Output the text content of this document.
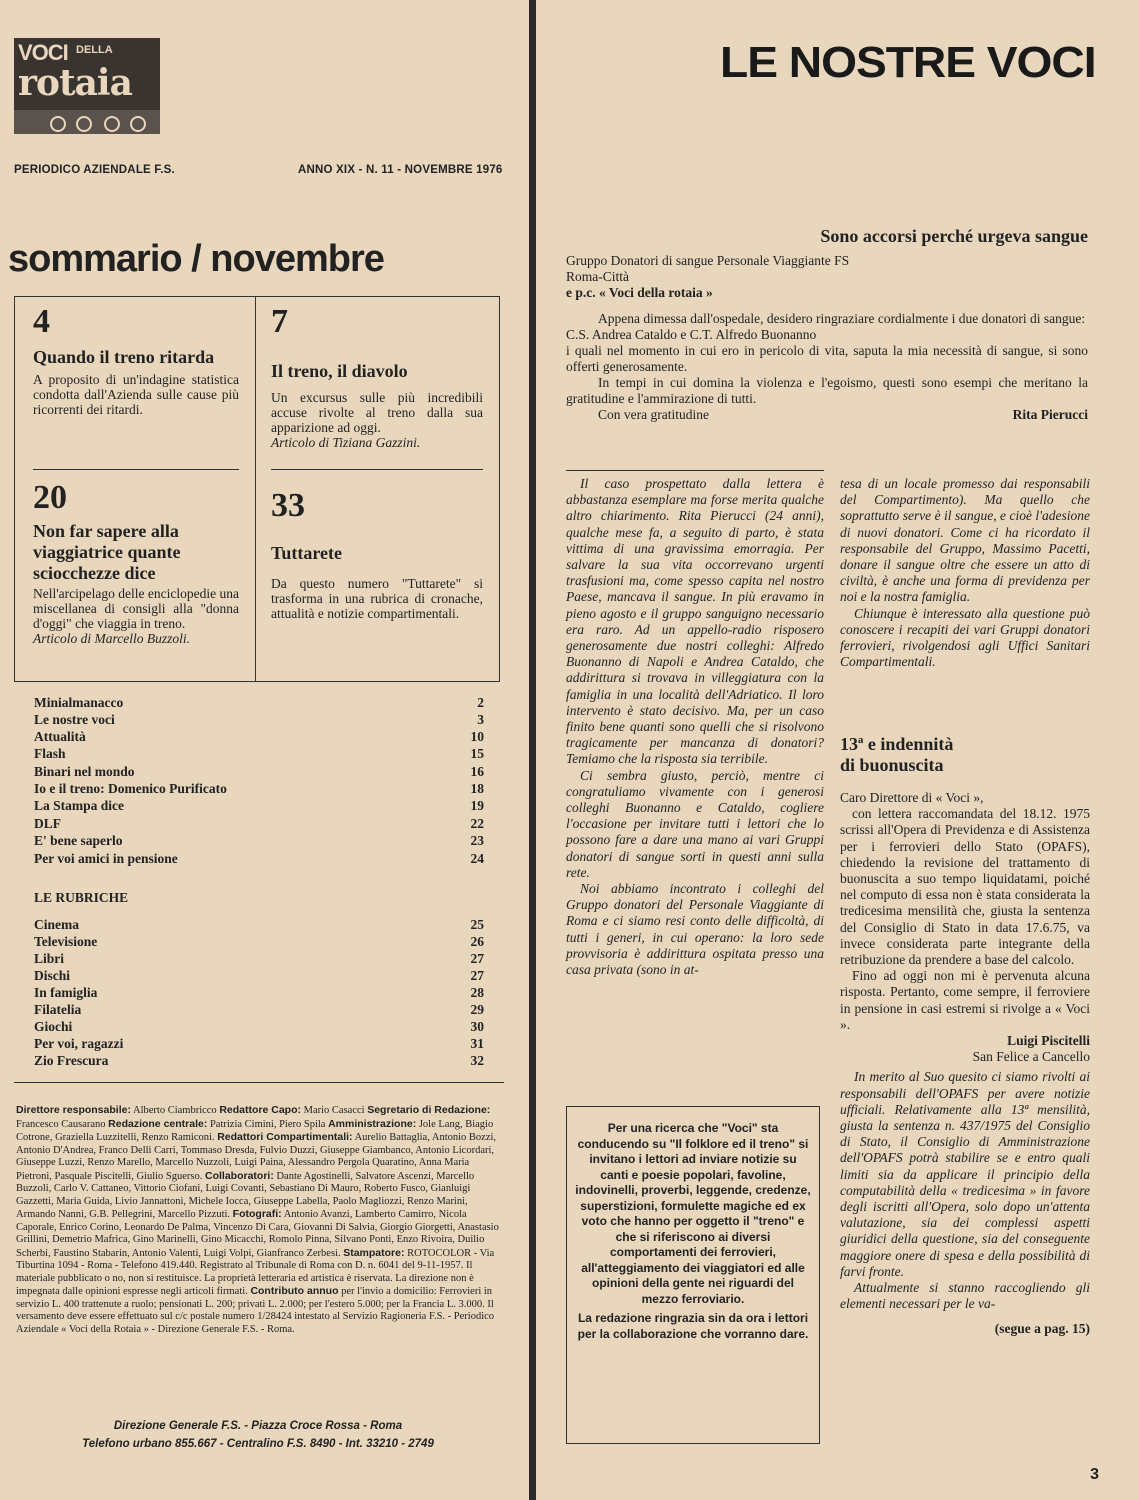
VOCI DELLA
rotaia
PERIODICO AZIENDALE F.S.	ANNO XIX - N. 11 - NOVEMBRE 1976
sommario / novembre
4
Quando il treno ritarda
A proposito di un'indagine statistica condotta dall'Azienda sulle cause più ricorrenti dei ritardi.
7
Il treno, il diavolo
Un excursus sulle più incredibili accuse rivolte al treno dalla sua apparizione ad oggi.
Articolo di Tiziana Gazzini.
20
Non far sapere alla viaggiatrice quante sciocchezze dice
Nell'arcipelago delle enciclopedie una miscellanea di consigli alla "donna d'oggi" che viaggia in treno.
Articolo di Marcello Buzzoli.
33
Tuttarete
Da questo numero "Tuttarete" si trasforma in una rubrica di cronache, attualità e notizie compartimentali.
Minialmanacco	2
Le nostre voci	3
Attualità	10
Flash	15
Binari nel mondo	16
Io e il treno: Domenico Purificato	18
La Stampa dice	19
DLF	22
E' bene saperlo	23
Per voi amici in pensione	24
LE RUBRICHE
Cinema	25
Televisione	26
Libri	27
Dischi	27
In famiglia	28
Filatelia	29
Giochi	30
Per voi, ragazzi	31
Zio Frescura	32
Direttore responsabile: Alberto Ciambricco Redattore Capo: Mario Casacci Segretario di Redazione: Francesco Causarano Redazione centrale: Patrizia Cimini, Piero Spila Amministrazione: Jole Lang, Biagio Cotrone, Graziella Luzzitelli, Renzo Ramiconi. Redattori Compartimentali: Aurelio Battaglia, Antonio Bozzi, Antonio D'Andrea, Franco Delli Carri, Tommaso Dresda, Fulvio Duzzi, Giuseppe Giambanco, Antonio Licordari, Giuseppe Luzzi, Renzo Marello, Marcello Nuzzoli, Luigi Paina, Alessandro Pergola Quaratino, Anna Maria Pietroni, Pasquale Piscitelli, Giulio Sguerso. Collaboratori: Dante Agostinelli, Salvatore Ascenzi, Marcello Buzzoli, Carlo V. Cattaneo, Vittorio Ciofani, Luigi Covanti, Sebastiano Di Mauro, Roberto Fusco, Gianluigi Gazzetti, Maria Guida, Livio Jannattoni, Michele Iocca, Giuseppe Labella, Paolo Magliozzi, Renzo Marini, Armando Nanni, G.B. Pellegrini, Marcello Pizzuti. Fotografi: Antonio Avanzi, Lamberto Camirro, Nicola Caporale, Enrico Corino, Leonardo De Palma, Vincenzo Di Cara, Giovanni Di Salvia, Giorgio Giorgetti, Anastasio Grillini, Demetrio Mafrica, Gino Marinelli, Gino Micacchi, Romolo Pinna, Silvano Ponti, Enzo Rivoira, Duilio Scherbi, Faustino Stabarin, Antonio Valenti, Luigi Volpi, Gianfranco Zerbesi. Stampatore: ROTOCOLOR - Via Tiburtina 1094 - Roma - Telefono 419.440. Registrato al Tribunale di Roma con D. n. 6041 del 9-11-1957. Il materiale pubblicato o no, non si restituisce. La proprietà letteraria ed artistica è riservata. La direzione non è impegnata dalle opinioni espresse negli articoli firmati. Contributo annuo per l'invio a domicilio: Ferrovieri in servizio L. 400 trattenute a ruolo; pensionati L. 200; privati L. 2.000; per l'estero 5.000; per la Francia L. 3.000. Il versamento deve essere effettuato sul c/c postale numero 1/28424 intestato al Servizio Ragioneria F.S. - Periodico Aziendale « Voci della Rotaia » - Direzione Generale F.S. - Roma.
Direzione Generale F.S. - Piazza Croce Rossa - Roma
Telefono urbano 855.667 - Centralino F.S. 8490 - Int. 33210 - 2749
LE NOSTRE VOCI
Sono accorsi perché urgeva sangue

Gruppo Donatori di sangue Personale Viaggiante FS

Roma-Città

e p.c. « Voci della rotaia »

Appena dimessa dall'ospedale, desidero ringraziare cordialmente i due donatori di sangue:

C.S. Andrea Cataldo e C.T. Alfredo Buonanno

i quali nel momento in cui ero in pericolo di vita, saputa la mia necessità di sangue, si sono offerti generosamente.

In tempi in cui domina la violenza e l'egoismo, questi sono esempi che meritano la gratitudine e l'ammirazione di tutti.

Con vera gratitudine	Rita Pierucci
Il caso prospettato dalla lettera è abbastanza esemplare ma forse merita qualche altro chiarimento. Rita Pierucci (24 anni), qualche mese fa, a seguito di parto, è stata vittima di una gravissima emorragia. Per salvare la sua vita occorrevano urgenti trasfusioni ma, come spesso capita nel nostro Paese, mancava il sangue. In più eravamo in pieno agosto e il gruppo sanguigno necessario era raro. Ad un appello-radio risposero generosamente due nostri colleghi: Alfredo Buonanno di Napoli e Andrea Cataldo, che addirittura si trovava in villeggiatura con la famiglia in una località dell'Adriatico. Il loro intervento è stato decisivo. Ma, per un caso finito bene quanti sono quelli che si risolvono tragicamente per mancanza di donatori? Temiamo che la risposta sia terribile.
Ci sembra giusto, perciò, mentre ci congratuliamo vivamente con i generosi colleghi Buonanno e Cataldo, cogliere l'occasione per invitare tutti i lettori che lo possono fare a dare una mano ai vari Gruppi donatori di sangue sorti in questi anni sulla rete.
Noi abbiamo incontrato i colleghi del Gruppo donatori del Personale Viaggiante di Roma e ci siamo resi conto delle difficoltà, di tutti i generi, in cui operano: la loro sede provvisoria è addirittura ospitata presso una casa privata (sono in at-
tesa di un locale promesso dai responsabili del Compartimento). Ma quello che soprattutto serve è il sangue, e cioè l'adesione di nuovi donatori. Come ci ha ricordato il responsabile del Gruppo, Massimo Pacetti, donare il sangue oltre che essere un atto di civiltà, è anche una forma di previdenza per noi e la nostra famiglia.
Chiunque è interessato alla questione può conoscere i recapiti dei vari Gruppi donatori ferrovieri, rivolgendosi agli Uffici Sanitari Compartimentali.
13ª e indennità
di buonuscita
Caro Direttore di « Voci »,
con lettera raccomandata del 18.12. 1975 scrissi all'Opera di Previdenza e di Assistenza per i ferrovieri dello Stato (OPAFS), chiedendo la revisione del trattamento di buonuscita a suo tempo liquidatami, poiché nel computo di essa non è stata considerata la tredicesima mensilità che, giusta la sentenza del Consiglio di Stato in data 17.6.75, va invece considerata parte integrante della retribuzione da prendere a base del calcolo.
Fino ad oggi non mi è pervenuta alcuna risposta. Pertanto, come sempre, il ferroviere in pensione in casi estremi si rivolge a « Voci ».
Luigi Piscitelli
San Felice a Cancello
In merito al Suo quesito ci siamo rivolti ai responsabili dell'OPAFS per avere notizie ufficiali. Relativamente alla 13ª mensilità, giusta la sentenza n. 437/1975 del Consiglio di Stato, il Consiglio di Amministrazione dell'OPAFS potrà stabilire se e entro quali limiti sia da applicare il principio della computabilità della « tredicesima » in favore degli iscritti all'Opera, solo dopo un'attenta valutazione, sia dei complessi aspetti giuridici della questione, sia del conseguente maggiore onere di spesa e della possibilità di farvi fronte.
Attualmente si stanno raccogliendo gli elementi necessari per le va-
(segue a pag. 15)
Per una ricerca che "Voci" sta conducendo su "Il folklore ed il treno" si invitano i lettori ad inviare notizie su canti e poesie popolari, favoline, indovinelli, proverbi, leggende, credenze, superstizioni, formulette magiche ed ex voto che hanno per oggetto il "treno" e che si riferiscono ai diversi comportamenti dei ferrovieri, all'atteggiamento dei viaggiatori ed alle opinioni della gente nei riguardi del mezzo ferroviario.
La redazione ringrazia sin da ora i lettori per la collaborazione che vorranno dare.
3
